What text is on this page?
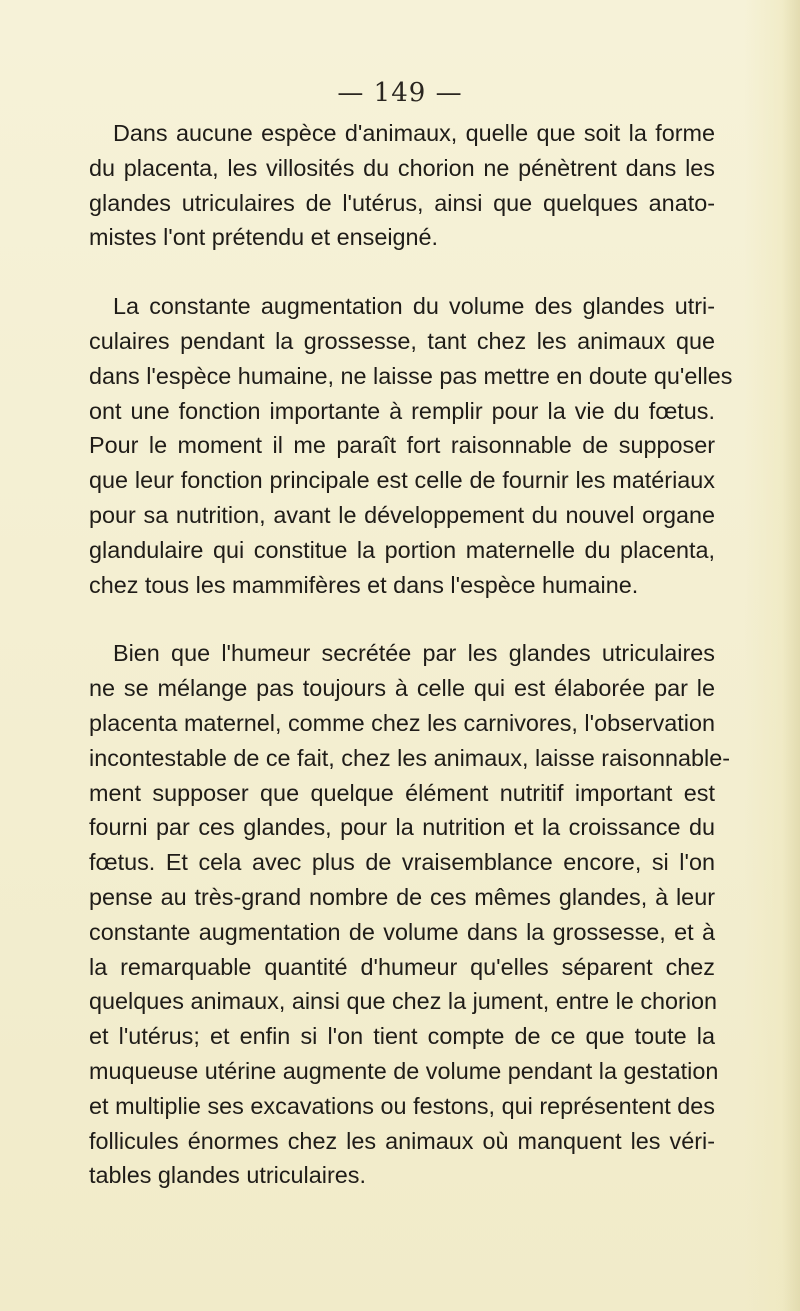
— 149 —
Dans aucune espèce d'animaux, quelle que soit la forme
du placenta, les villosités du chorion ne pénètrent dans les
glandes utriculaires de l'utérus, ainsi que quelques anato-
mistes l'ont prétendu et enseigné.
La constante augmentation du volume des glandes utri-
culaires pendant la grossesse, tant chez les animaux que
dans l'espèce humaine, ne laisse pas mettre en doute qu'elles
ont une fonction importante à remplir pour la vie du fœtus.
Pour le moment il me paraît fort raisonnable de supposer
que leur fonction principale est celle de fournir les matériaux
pour sa nutrition, avant le développement du nouvel organe
glandulaire qui constitue la portion maternelle du placenta,
chez tous les mammifères et dans l'espèce humaine.
Bien que l'humeur secrétée par les glandes utriculaires
ne se mélange pas toujours à celle qui est élaborée par le
placenta maternel, comme chez les carnivores, l'observation
incontestable de ce fait, chez les animaux, laisse raisonnable-
ment supposer que quelque élément nutritif important est
fourni par ces glandes, pour la nutrition et la croissance du
fœtus. Et cela avec plus de vraisemblance encore, si l'on
pense au très-grand nombre de ces mêmes glandes, à leur
constante augmentation de volume dans la grossesse, et à
la remarquable quantité d'humeur qu'elles séparent chez
quelques animaux, ainsi que chez la jument, entre le chorion
et l'utérus; et enfin si l'on tient compte de ce que toute la
muqueuse utérine augmente de volume pendant la gestation
et multiplie ses excavations ou festons, qui représentent des
follicules énormes chez les animaux où manquent les véri-
tables glandes utriculaires.
